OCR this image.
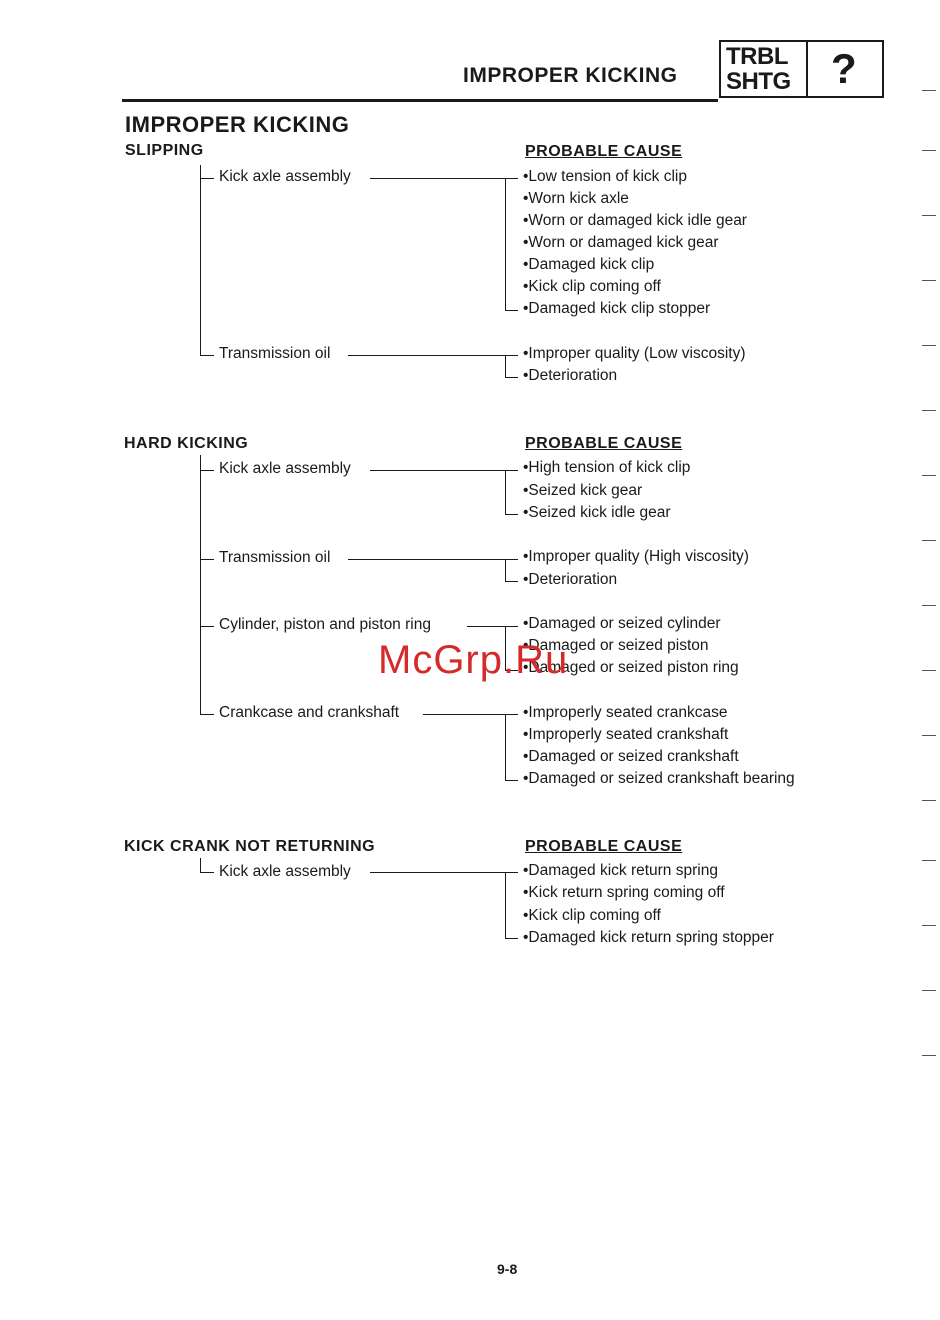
IMPROPER KICKING
TRBL
SHTG ?
IMPROPER KICKING
SLIPPING	PROBABLE CAUSE
Kick axle assembly	•Low tension of kick clip
•Worn kick axle
•Worn or damaged kick idle gear
•Worn or damaged kick gear
•Damaged kick clip
•Kick clip coming off
•Damaged kick clip stopper
Transmission oil	•Improper quality (Low viscosity)
•Deterioration
HARD KICKING	PROBABLE CAUSE
Kick axle assembly	•High tension of kick clip
•Seized kick gear
•Seized kick idle gear
Transmission oil	•Improper quality (High viscosity)
•Deterioration
Cylinder, piston and piston ring	•Damaged or seized cylinder
•Damaged or seized piston
•Damaged or seized piston ring
Crankcase and crankshaft	•Improperly seated crankcase
•Improperly seated crankshaft
•Damaged or seized crankshaft
•Damaged or seized crankshaft bearing
KICK CRANK NOT RETURNING	PROBABLE CAUSE
Kick axle assembly	•Damaged kick return spring
•Kick return spring coming off
•Kick clip coming off
•Damaged kick return spring stopper
McGrp.Ru
9-8
